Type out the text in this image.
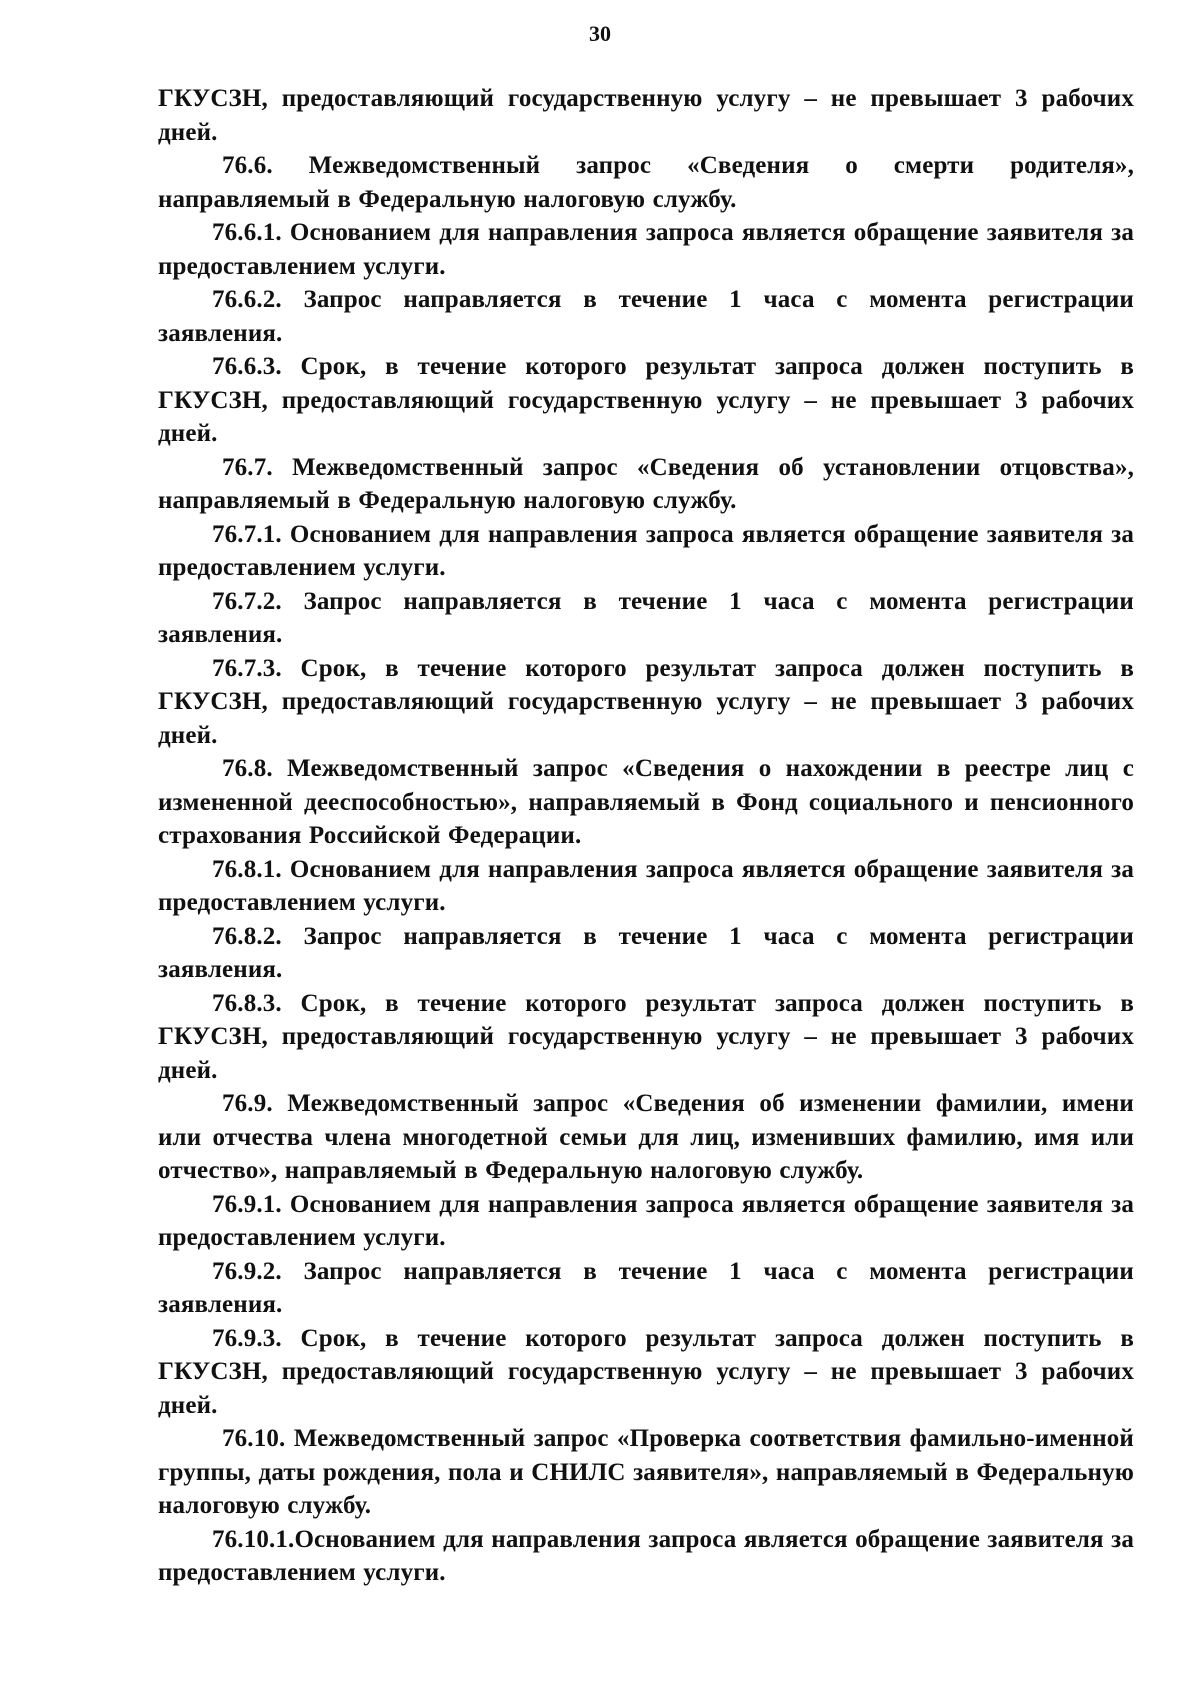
30

ГКУСЗН, предоставляющий государственную услугу – не превышает 3 рабочих дней.

76.6. Межведомственный запрос «Сведения о смерти родителя», направляемый в Федеральную налоговую службу.

76.6.1. Основанием для направления запроса является обращение заявителя за предоставлением услуги.

76.6.2. Запрос направляется в течение 1 часа с момента регистрации заявления.

76.6.3. Срок, в течение которого результат запроса должен поступить в ГКУСЗН, предоставляющий государственную услугу – не превышает 3 рабочих дней.

76.7. Межведомственный запрос «Сведения об установлении отцовства», направляемый в Федеральную налоговую службу.

76.7.1. Основанием для направления запроса является обращение заявителя за предоставлением услуги.

76.7.2. Запрос направляется в течение 1 часа с момента регистрации заявления.

76.7.3. Срок, в течение которого результат запроса должен поступить в ГКУСЗН, предоставляющий государственную услугу – не превышает 3 рабочих дней.

76.8. Межведомственный запрос «Сведения о нахождении в реестре лиц с измененной дееспособностью», направляемый в Фонд социального и пенсионного страхования Российской Федерации.

76.8.1. Основанием для направления запроса является обращение заявителя за предоставлением услуги.

76.8.2. Запрос направляется в течение 1 часа с момента регистрации заявления.

76.8.3. Срок, в течение которого результат запроса должен поступить в ГКУСЗН, предоставляющий государственную услугу – не превышает 3 рабочих дней.

76.9. Межведомственный запрос «Сведения об изменении фамилии, имени или отчества члена многодетной семьи для лиц, изменивших фамилию, имя или отчество», направляемый в Федеральную налоговую службу.

76.9.1. Основанием для направления запроса является обращение заявителя за предоставлением услуги.

76.9.2. Запрос направляется в течение 1 часа с момента регистрации заявления.

76.9.3. Срок, в течение которого результат запроса должен поступить в ГКУСЗН, предоставляющий государственную услугу – не превышает 3 рабочих дней.

76.10. Межведомственный запрос «Проверка соответствия фамильно-именной группы, даты рождения, пола и СНИЛС заявителя», направляемый в Федеральную налоговую службу.

76.10.1.Основанием для направления запроса является обращение заявителя за предоставлением услуги.
